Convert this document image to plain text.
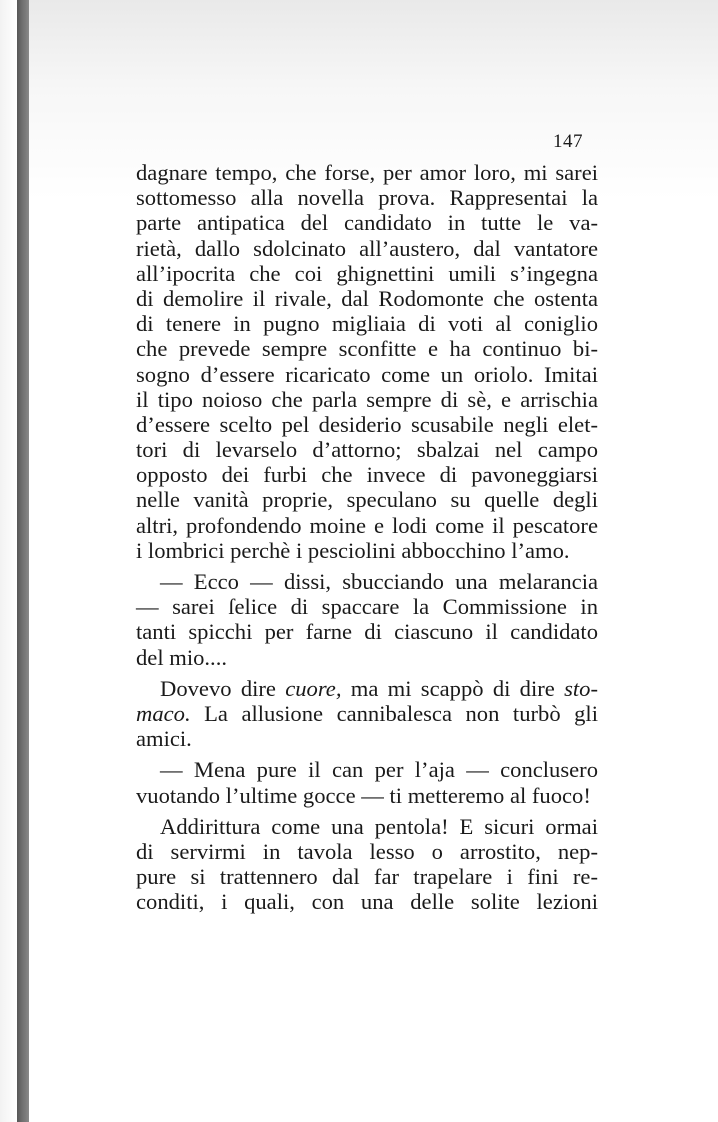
147
dagnare tempo, che forse, per amor loro, mi sarei
sottomesso alla novella prova. Rappresentai la
parte antipatica del candidato in tutte le va-
rietà, dallo sdolcinato all’austero, dal vantatore
all’ipocrita che coi ghignettini umili s’ingegna
di demolire il rivale, dal Rodomonte che ostenta
di tenere in pugno migliaia di voti al coniglio
che prevede sempre sconfitte e ha continuo bi-
sogno d’essere ricaricato come un oriolo. Imitai
il tipo noioso che parla sempre di sè, e arrischia
d’essere scelto pel desiderio scusabile negli elet-
tori di levarselo d’attorno; sbalzai nel campo
opposto dei furbi che invece di pavoneggiarsi
nelle vanità proprie, speculano su quelle degli
altri, profondendo moine e lodi come il pescatore
i lombrici perchè i pesciolini abbocchino l’amo.
— Ecco — dissi, sbucciando una melarancia
— sarei ſelice di spaccare la Commissione in
tanti spicchi per farne di ciascuno il candidato
del mio....
Dovevo dire cuore, ma mi scappò di dire sto-
maco. La allusione cannibalesca non turbò gli
amici.
— Mena pure il can per l’aja — conclusero
vuotando l’ultime gocce — ti metteremo al fuoco!
Addirittura come una pentola! E sicuri ormai
di servirmi in tavola lesso o arrostito, nep-
pure si trattennero dal far trapelare i fini re-
conditi, i quali, con una delle solite lezioni
